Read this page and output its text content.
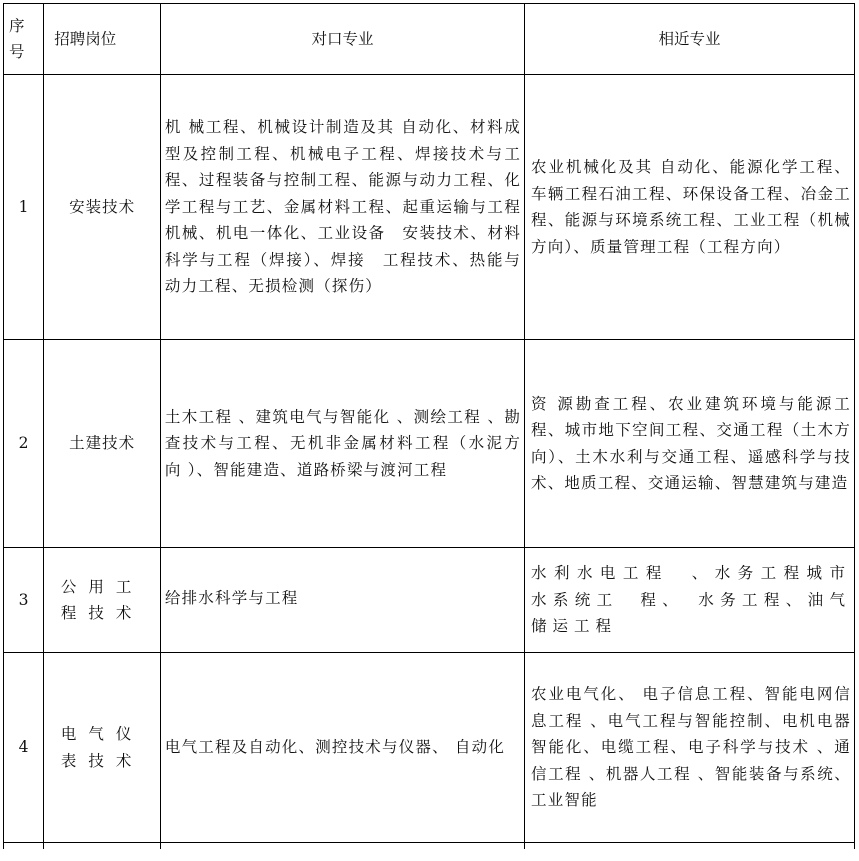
序号	招聘岗位	对口专业	相近专业
1	安装技术	机 械工程、机械设计制造及其 自动化、材料成型及控制工程、机械电子工程、焊接技术与工程、过程装备与控制工程、能源与动力工程、化学工程与工艺、金属材料工程、起重运输与工程机械、机电一体化、工业设备　安装技术、材料科学与工程（焊接）、焊接　工程技术、热能与动力工程、无损检测（探伤）	农业机械化及其 自动化、能源化学工程、车辆工程石油工程、环保设备工程、冶金工程、能源与环境系统工程、工业工程（机械方向）、质量管理工程（工程方向）
2	土建技术	土木工程 、建筑电气与智能化 、测绘工程 、勘 查技术与工程、无机非金属材料工程（水泥方 向 ）、智能建造、道路桥梁与渡河工程	资 源勘查工程、农业建筑环境与能源工程、城市地下空间工程、交通工程（土木方向）、土木水利与交通工程、遥感科学与技术、地质工程、交通运输、智慧建筑与建造
3	公用工程技术	给排水科学与工程	水利水电工程　、水务工程城市水系统工　程、　水务工程、油气储运工程
4	电气仪表技术	电气工程及自动化、测控技术与仪器、 自动化	农业电气化、 电子信息工程、智能电网信 息工程 、电气工程与智能控制、电机电器 智能化、电缆工程、电子科学与技术 、通 信工程 、机器人工程 、智能装备与系统、 工业智能
